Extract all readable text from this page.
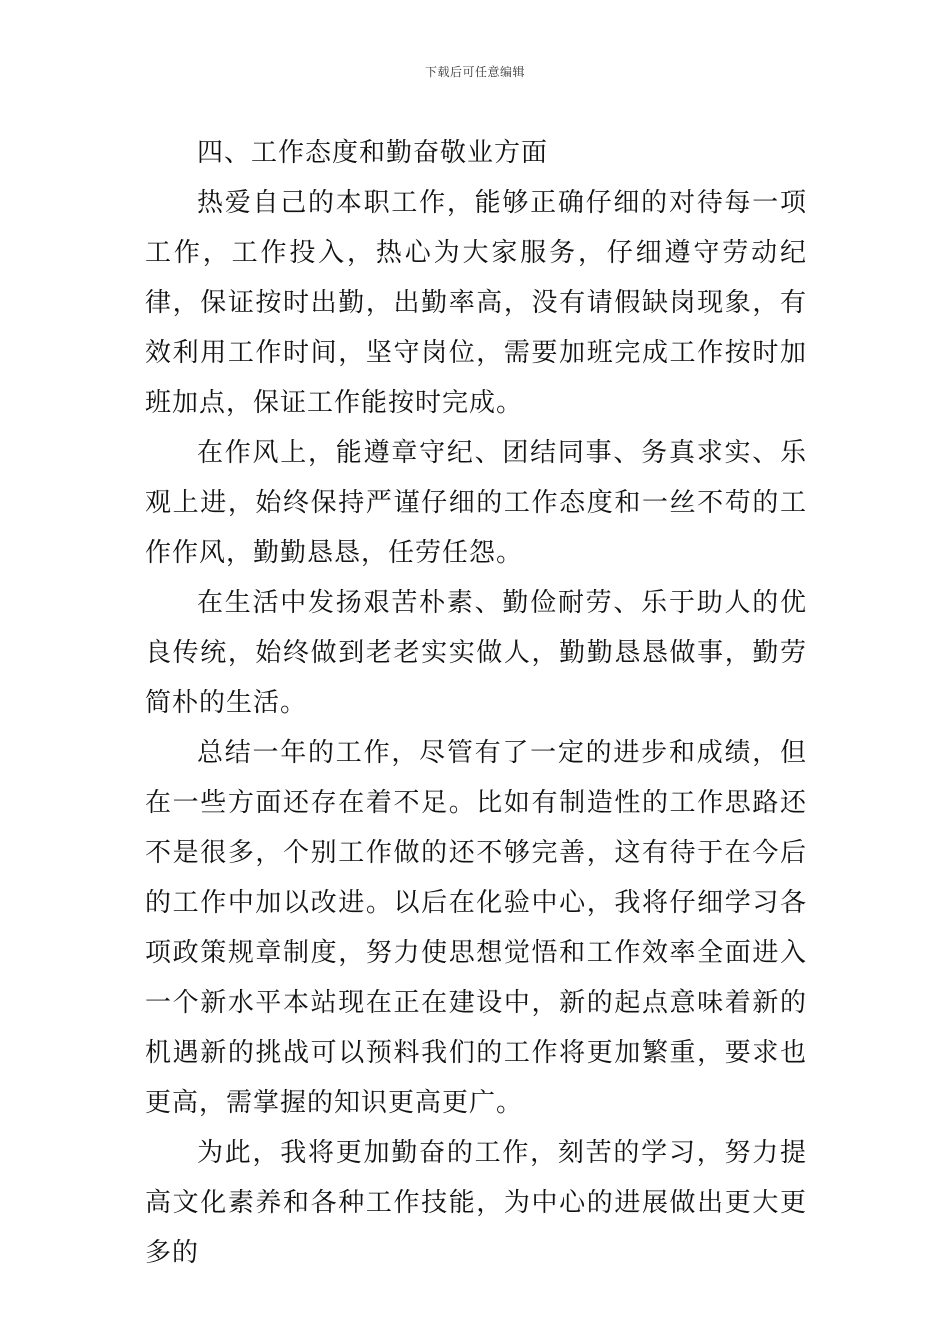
下载后可任意编辑

四、工作态度和勤奋敬业方面

热爱自己的本职工作，能够正确仔细的对待每一项工作，工作投入，热心为大家服务，仔细遵守劳动纪律，保证按时出勤，出勤率高，没有请假缺岗现象，有效利用工作时间，坚守岗位，需要加班完成工作按时加班加点，保证工作能按时完成。

在作风上，能遵章守纪、团结同事、务真求实、乐观上进，始终保持严谨仔细的工作态度和一丝不苟的工作作风，勤勤恳恳，任劳任怨。

在生活中发扬艰苦朴素、勤俭耐劳、乐于助人的优良传统，始终做到老老实实做人，勤勤恳恳做事，勤劳简朴的生活。

总结一年的工作，尽管有了一定的进步和成绩，但在一些方面还存在着不足。比如有制造性的工作思路还不是很多，个别工作做的还不够完善，这有待于在今后的工作中加以改进。以后在化验中心，我将仔细学习各项政策规章制度，努力使思想觉悟和工作效率全面进入一个新水平本站现在正在建设中，新的起点意味着新的机遇新的挑战可以预料我们的工作将更加繁重，要求也更高，需掌握的知识更高更广。

为此，我将更加勤奋的工作，刻苦的学习，努力提高文化素养和各种工作技能，为中心的进展做出更大更多的
